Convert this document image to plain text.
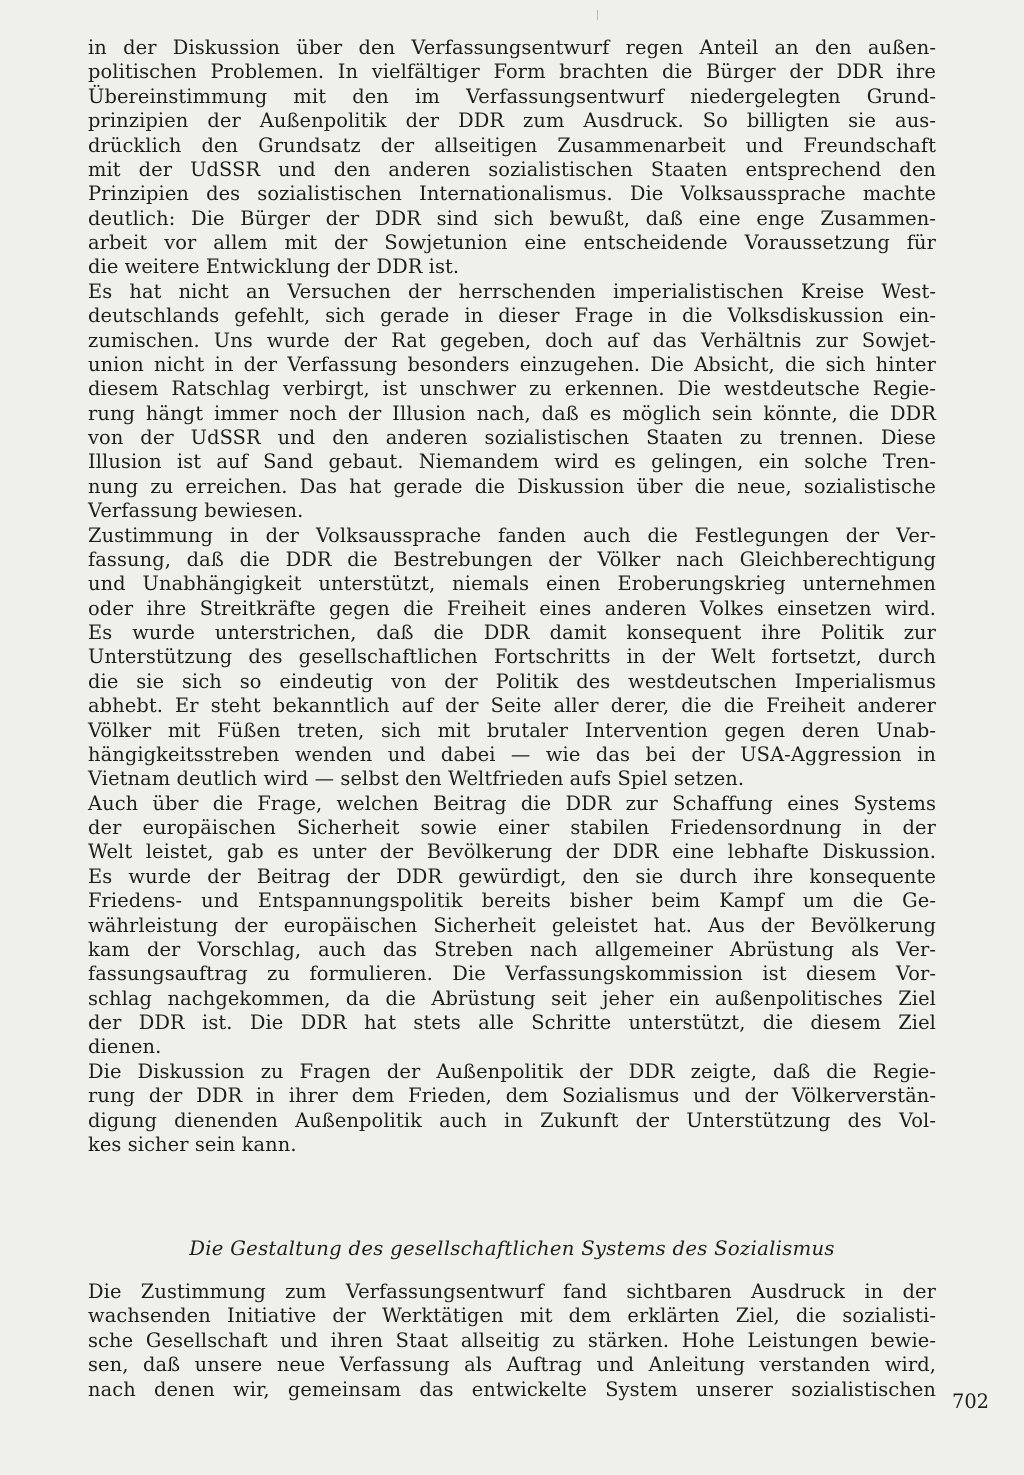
in der Diskussion über den Verfassungsentwurf regen Anteil an den außen-
politischen Problemen. In vielfältiger Form brachten die Bürger der DDR ihre
Übereinstimmung mit den im Verfassungsentwurf niedergelegten Grund-
prinzipien der Außenpolitik der DDR zum Ausdruck. So billigten sie aus-
drücklich den Grundsatz der allseitigen Zusammenarbeit und Freundschaft
mit der UdSSR und den anderen sozialistischen Staaten entsprechend den
Prinzipien des sozialistischen Internationalismus. Die Volksaussprache machte
deutlich: Die Bürger der DDR sind sich bewußt, daß eine enge Zusammen-
arbeit vor allem mit der Sowjetunion eine entscheidende Voraussetzung für
die weitere Entwicklung der DDR ist.
Es hat nicht an Versuchen der herrschenden imperialistischen Kreise West-
deutschlands gefehlt, sich gerade in dieser Frage in die Volksdiskussion ein-
zumischen. Uns wurde der Rat gegeben, doch auf das Verhältnis zur Sowjet-
union nicht in der Verfassung besonders einzugehen. Die Absicht, die sich hinter
diesem Ratschlag verbirgt, ist unschwer zu erkennen. Die westdeutsche Regie-
rung hängt immer noch der Illusion nach, daß es möglich sein könnte, die DDR
von der UdSSR und den anderen sozialistischen Staaten zu trennen. Diese
Illusion ist auf Sand gebaut. Niemandem wird es gelingen, ein solche Tren-
nung zu erreichen. Das hat gerade die Diskussion über die neue, sozialistische
Verfassung bewiesen.
Zustimmung in der Volksaussprache fanden auch die Festlegungen der Ver-
fassung, daß die DDR die Bestrebungen der Völker nach Gleichberechtigung
und Unabhängigkeit unterstützt, niemals einen Eroberungskrieg unternehmen
oder ihre Streitkräfte gegen die Freiheit eines anderen Volkes einsetzen wird.
Es wurde unterstrichen, daß die DDR damit konsequent ihre Politik zur
Unterstützung des gesellschaftlichen Fortschritts in der Welt fortsetzt, durch
die sie sich so eindeutig von der Politik des westdeutschen Imperialismus
abhebt. Er steht bekanntlich auf der Seite aller derer, die die Freiheit anderer
Völker mit Füßen treten, sich mit brutaler Intervention gegen deren Unab-
hängigkeitsstreben wenden und dabei — wie das bei der USA-Aggression in
Vietnam deutlich wird — selbst den Weltfrieden aufs Spiel setzen.
Auch über die Frage, welchen Beitrag die DDR zur Schaffung eines Systems
der europäischen Sicherheit sowie einer stabilen Friedensordnung in der
Welt leistet, gab es unter der Bevölkerung der DDR eine lebhafte Diskussion.
Es wurde der Beitrag der DDR gewürdigt, den sie durch ihre konsequente
Friedens- und Entspannungspolitik bereits bisher beim Kampf um die Ge-
währleistung der europäischen Sicherheit geleistet hat. Aus der Bevölkerung
kam der Vorschlag, auch das Streben nach allgemeiner Abrüstung als Ver-
fassungsauftrag zu formulieren. Die Verfassungskommission ist diesem Vor-
schlag nachgekommen, da die Abrüstung seit jeher ein außenpolitisches Ziel
der DDR ist. Die DDR hat stets alle Schritte unterstützt, die diesem Ziel
dienen.
Die Diskussion zu Fragen der Außenpolitik der DDR zeigte, daß die Regie-
rung der DDR in ihrer dem Frieden, dem Sozialismus und der Völkerverstän-
digung dienenden Außenpolitik auch in Zukunft der Unterstützung des Vol-
kes sicher sein kann.
Die Gestaltung des gesellschaftlichen Systems des Sozialismus
Die Zustimmung zum Verfassungsentwurf fand sichtbaren Ausdruck in der
wachsenden Initiative der Werktätigen mit dem erklärten Ziel, die sozialisti-
sche Gesellschaft und ihren Staat allseitig zu stärken. Hohe Leistungen bewie-
sen, daß unsere neue Verfassung als Auftrag und Anleitung verstanden wird,
nach denen wir, gemeinsam das entwickelte System unserer sozialistischen
702
